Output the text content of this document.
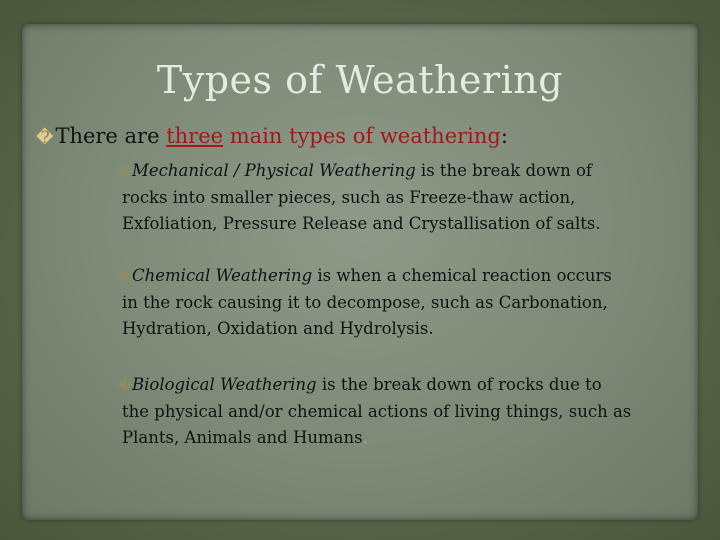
Types of Weathering
�There are three main types of weathering:
�Mechanical / Physical Weathering is the break down of
rocks into smaller pieces, such as Freeze-thaw action,
Exfoliation, Pressure Release and Crystallisation of salts.
�Chemical Weathering is when a chemical reaction occurs
in the rock causing it to decompose, such as Carbonation,
Hydration, Oxidation and Hydrolysis.
�Biological Weathering is the break down of rocks due to
the physical and/or chemical actions of living things, such as
Plants, Animals and Humans.
